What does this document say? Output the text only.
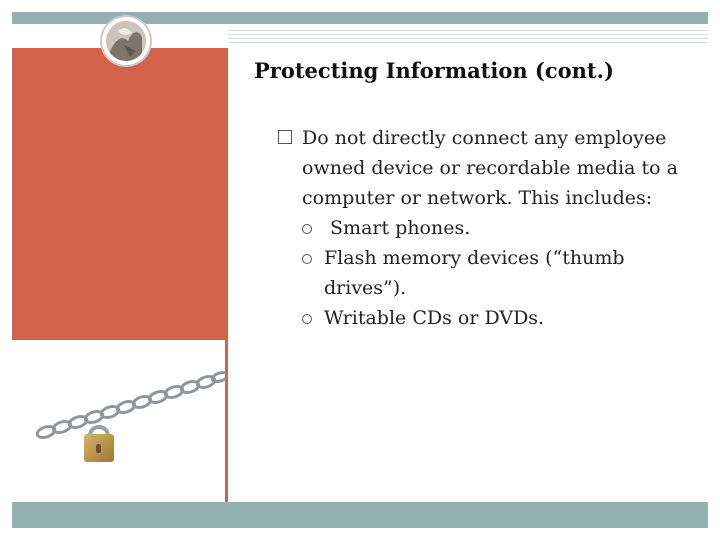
Protecting Information (cont.)
Do not directly connect any employee owned device or recordable media to a computer or network. This includes:
Smart phones.
Flash memory devices (“thumb drives”).
Writable CDs or DVDs.
